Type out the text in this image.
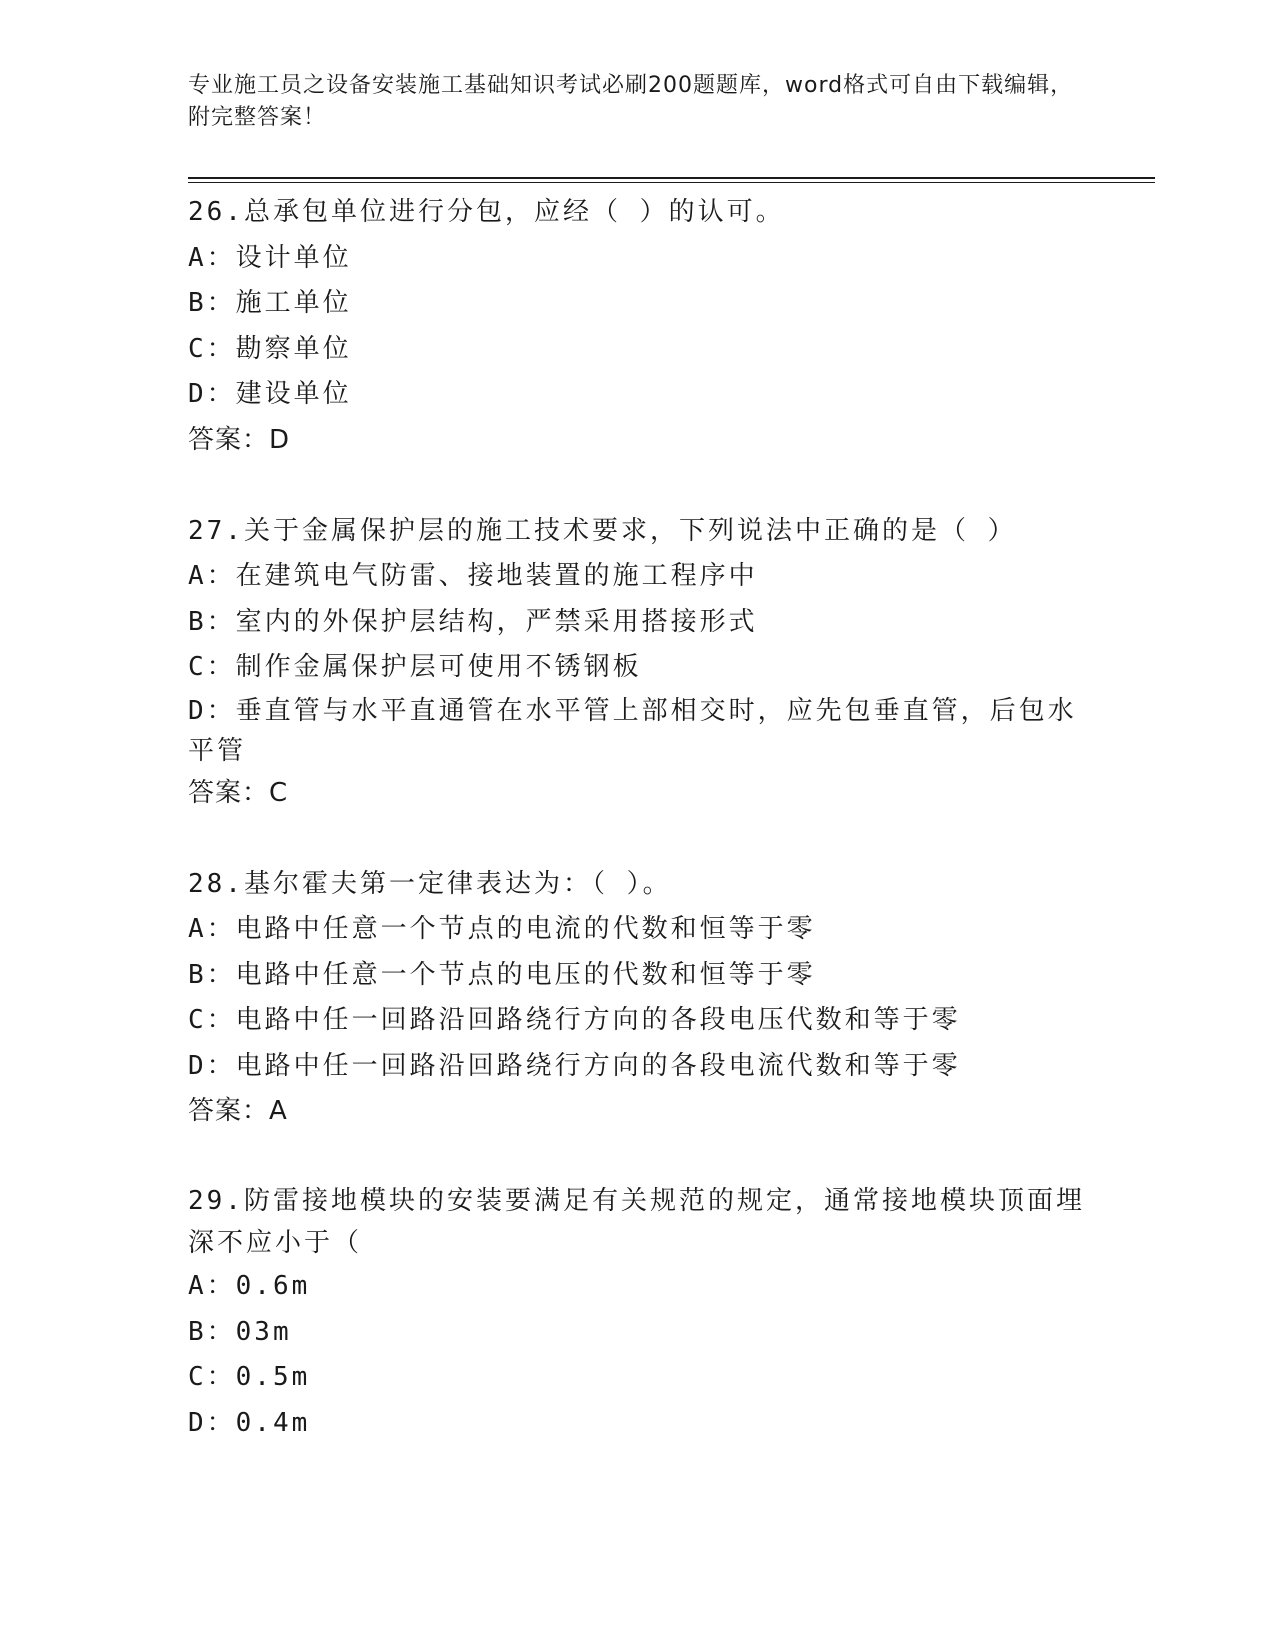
专业施工员之设备安装施工基础知识考试必刷200题题库，word格式可自由下载编辑，附完整答案！

26.总承包单位进行分包，应经（ ）的认可。

A：设计单位

B：施工单位

C：勘察单位

D：建设单位

答案：D

27.关于金属保护层的施工技术要求，下列说法中正确的是（ ）

A：在建筑电气防雷、接地装置的施工程序中

B：室内的外保护层结构，严禁采用搭接形式

C：制作金属保护层可使用不锈钢板

D：垂直管与水平直通管在水平管上部相交时，应先包垂直管，后包水平管

答案：C

28.基尔霍夫第一定律表达为：（ ）。

A：电路中任意一个节点的电流的代数和恒等于零

B：电路中任意一个节点的电压的代数和恒等于零

C：电路中任一回路沿回路绕行方向的各段电压代数和等于零

D：电路中任一回路沿回路绕行方向的各段电流代数和等于零

答案：A

29.防雷接地模块的安装要满足有关规范的规定，通常接地模块顶面埋深不应小于（

A：0.6m

B：03m

C：0.5m

D：0.4m
